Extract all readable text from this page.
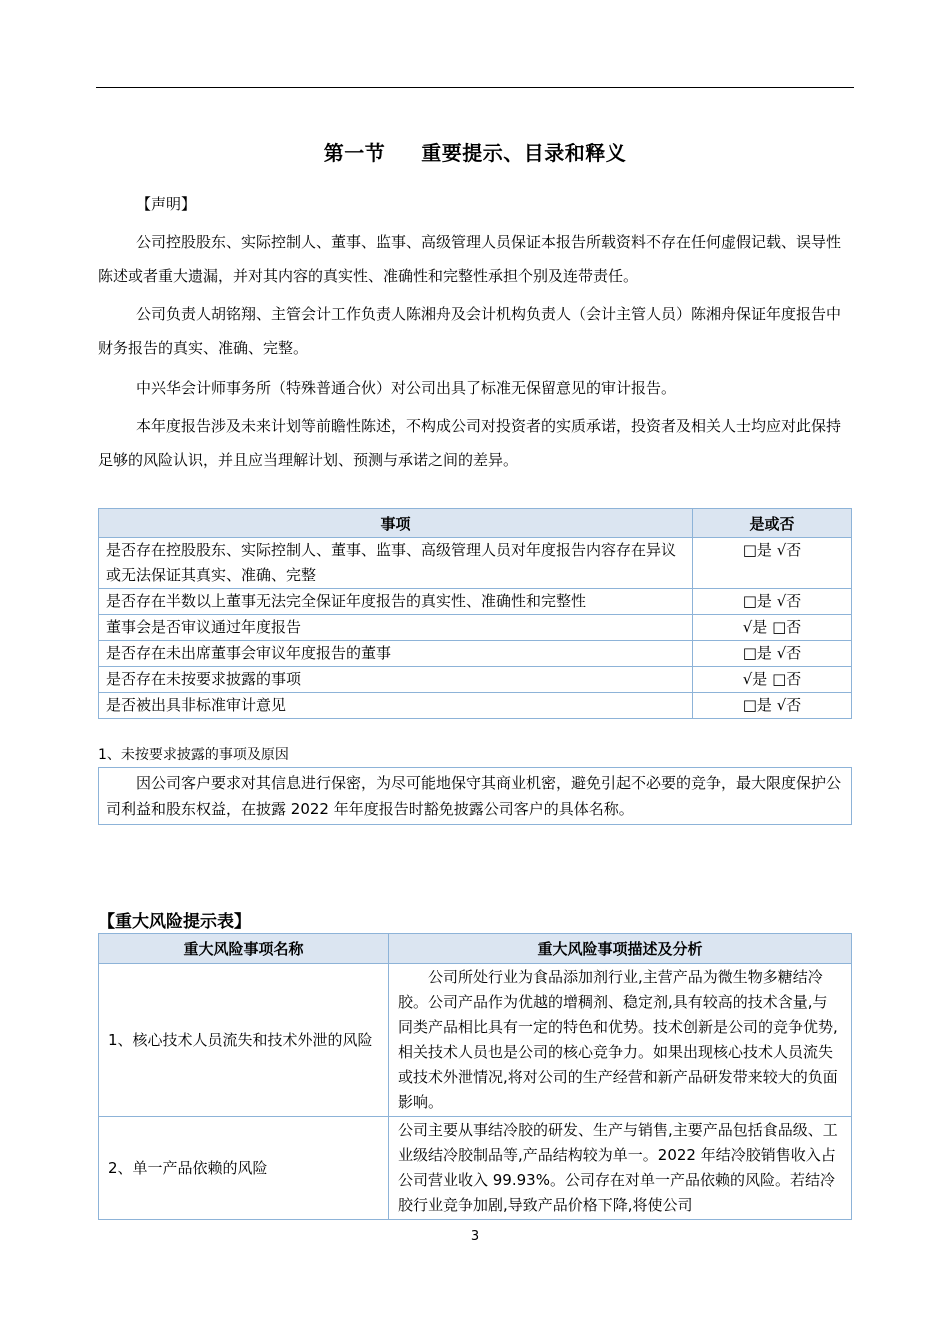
第一节 重要提示、目录和释义
【声明】
公司控股股东、实际控制人、董事、监事、高级管理人员保证本报告所载资料不存在任何虚假记载、误导性陈述或者重大遗漏，并对其内容的真实性、准确性和完整性承担个别及连带责任。
公司负责人胡铭翔、主管会计工作负责人陈湘舟及会计机构负责人（会计主管人员）陈湘舟保证年度报告中财务报告的真实、准确、完整。
中兴华会计师事务所（特殊普通合伙）对公司出具了标准无保留意见的审计报告。
本年度报告涉及未来计划等前瞻性陈述，不构成公司对投资者的实质承诺，投资者及相关人士均应对此保持足够的风险认识，并且应当理解计划、预测与承诺之间的差异。
事项	是或否
是否存在控股股东、实际控制人、董事、监事、高级管理人员对年度报告内容存在异议或无法保证其真实、准确、完整	□是 √否
是否存在半数以上董事无法完全保证年度报告的真实性、准确性和完整性	□是 √否
董事会是否审议通过年度报告	√是 □否
是否存在未出席董事会审议年度报告的董事	□是 √否
是否存在未按要求披露的事项	√是 □否
是否被出具非标准审计意见	□是 √否
1、未按要求披露的事项及原因
因公司客户要求对其信息进行保密，为尽可能地保守其商业机密，避免引起不必要的竞争，最大限度保护公司利益和股东权益，在披露 2022 年年度报告时豁免披露公司客户的具体名称。
【重大风险提示表】
重大风险事项名称	重大风险事项描述及分析
1、核心技术人员流失和技术外泄的风险	公司所处行业为食品添加剂行业,主营产品为微生物多糖结冷胶。公司产品作为优越的增稠剂、稳定剂,具有较高的技术含量,与同类产品相比具有一定的特色和优势。技术创新是公司的竞争优势,相关技术人员也是公司的核心竞争力。如果出现核心技术人员流失或技术外泄情况,将对公司的生产经营和新产品研发带来较大的负面影响。
2、单一产品依赖的风险	公司主要从事结冷胶的研发、生产与销售,主要产品包括食品级、工业级结冷胶制品等,产品结构较为单一。2022 年结冷胶销售收入占公司营业收入 99.93%。公司存在对单一产品依赖的风险。若结冷胶行业竞争加剧,导致产品价格下降,将使公司
3
